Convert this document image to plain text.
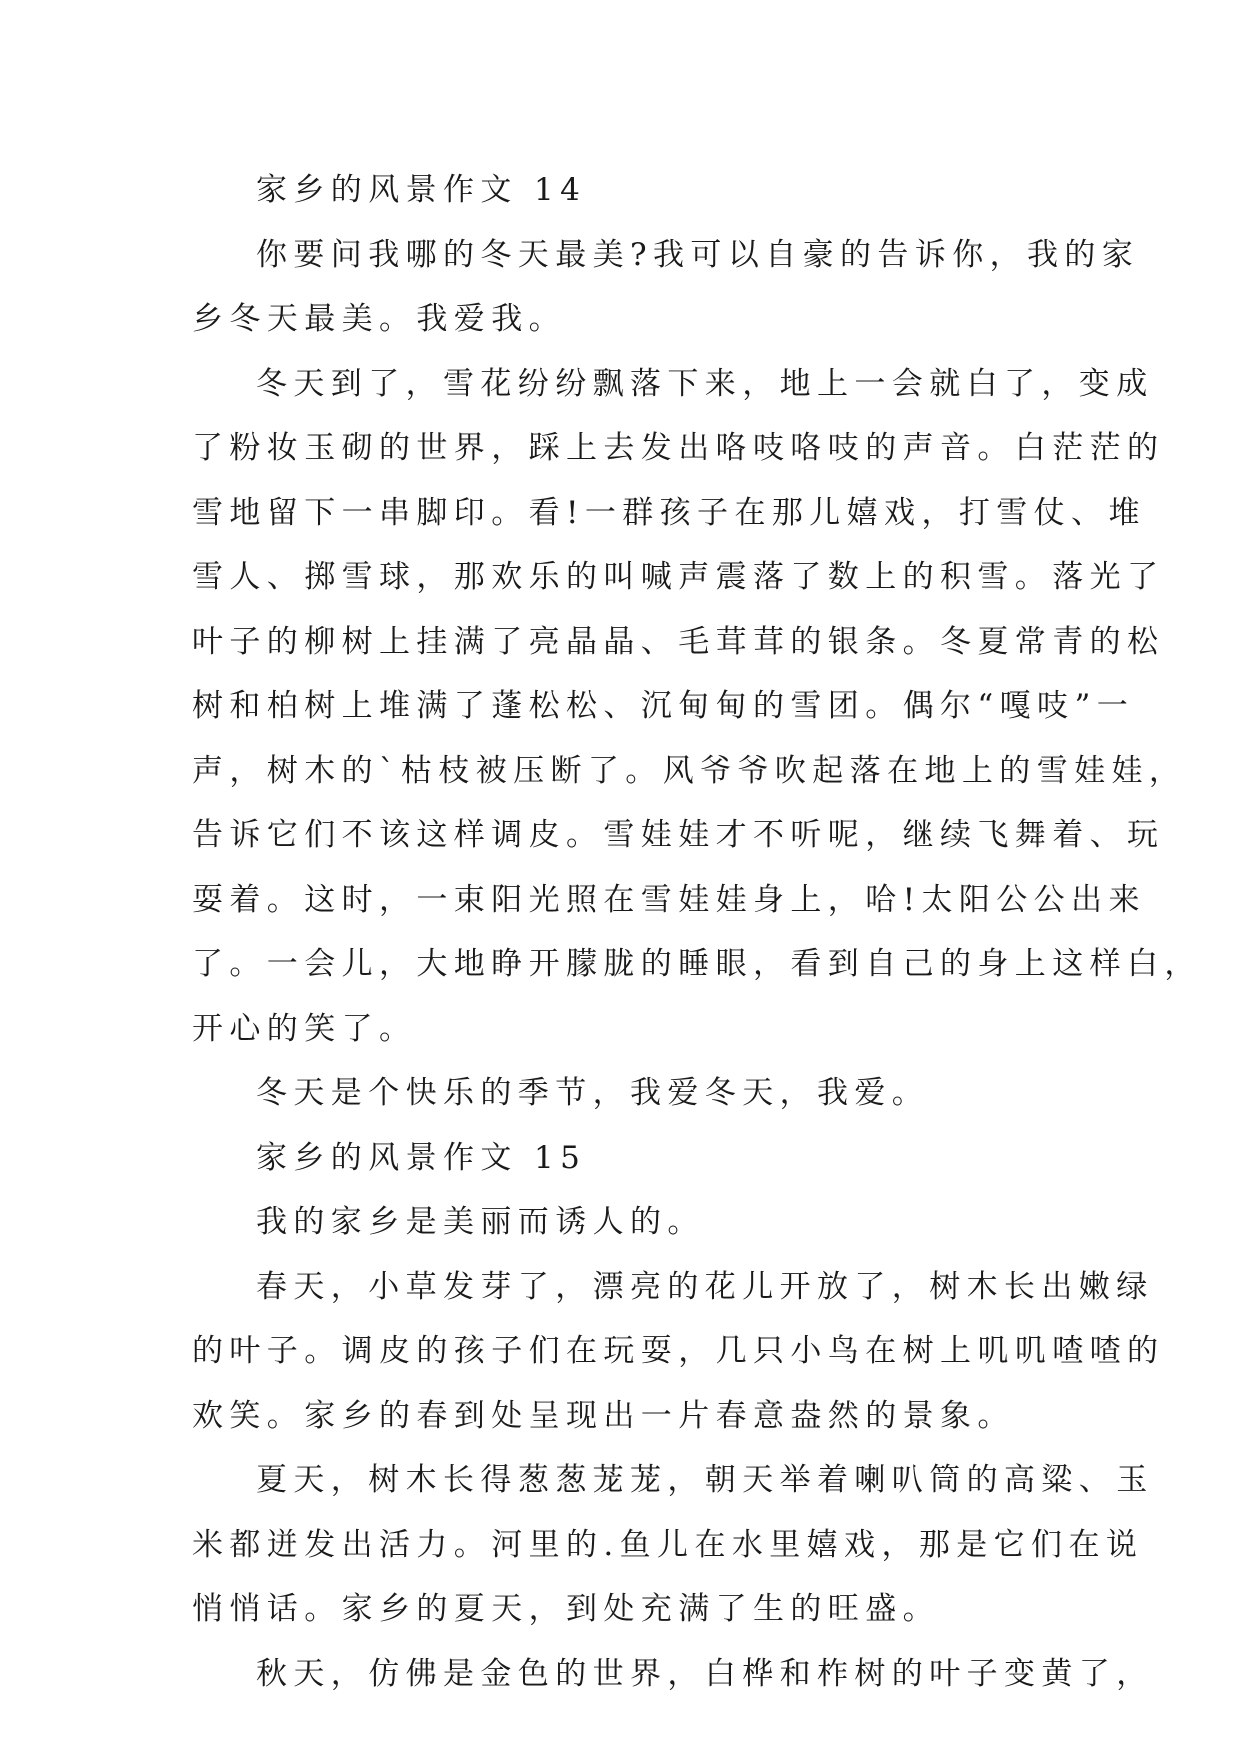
家乡的风景作文 14
你要问我哪的冬天最美?我可以自豪的告诉你，我的家
乡冬天最美。我爱我。
冬天到了，雪花纷纷飘落下来，地上一会就白了，变成
了粉妆玉砌的世界，踩上去发出咯吱咯吱的声音。白茫茫的
雪地留下一串脚印。看!一群孩子在那儿嬉戏，打雪仗、堆
雪人、掷雪球，那欢乐的叫喊声震落了数上的积雪。落光了
叶子的柳树上挂满了亮晶晶、毛茸茸的银条。冬夏常青的松
树和柏树上堆满了蓬松松、沉甸甸的雪团。偶尔“嘎吱”一
声，树木的`枯枝被压断了。风爷爷吹起落在地上的雪娃娃，
告诉它们不该这样调皮。雪娃娃才不听呢，继续飞舞着、玩
耍着。这时，一束阳光照在雪娃娃身上，哈!太阳公公出来
了。一会儿，大地睁开朦胧的睡眼，看到自己的身上这样白，
开心的笑了。
冬天是个快乐的季节，我爱冬天，我爱。
家乡的风景作文 15
我的家乡是美丽而诱人的。
春天，小草发芽了，漂亮的花儿开放了，树木长出嫩绿
的叶子。调皮的孩子们在玩耍，几只小鸟在树上叽叽喳喳的
欢笑。家乡的春到处呈现出一片春意盎然的景象。
夏天，树木长得葱葱茏茏，朝天举着喇叭筒的高粱、玉
米都迸发出活力。河里的.鱼儿在水里嬉戏，那是它们在说
悄悄话。家乡的夏天，到处充满了生的旺盛。
秋天，仿佛是金色的世界，白桦和柞树的叶子变黄了，
